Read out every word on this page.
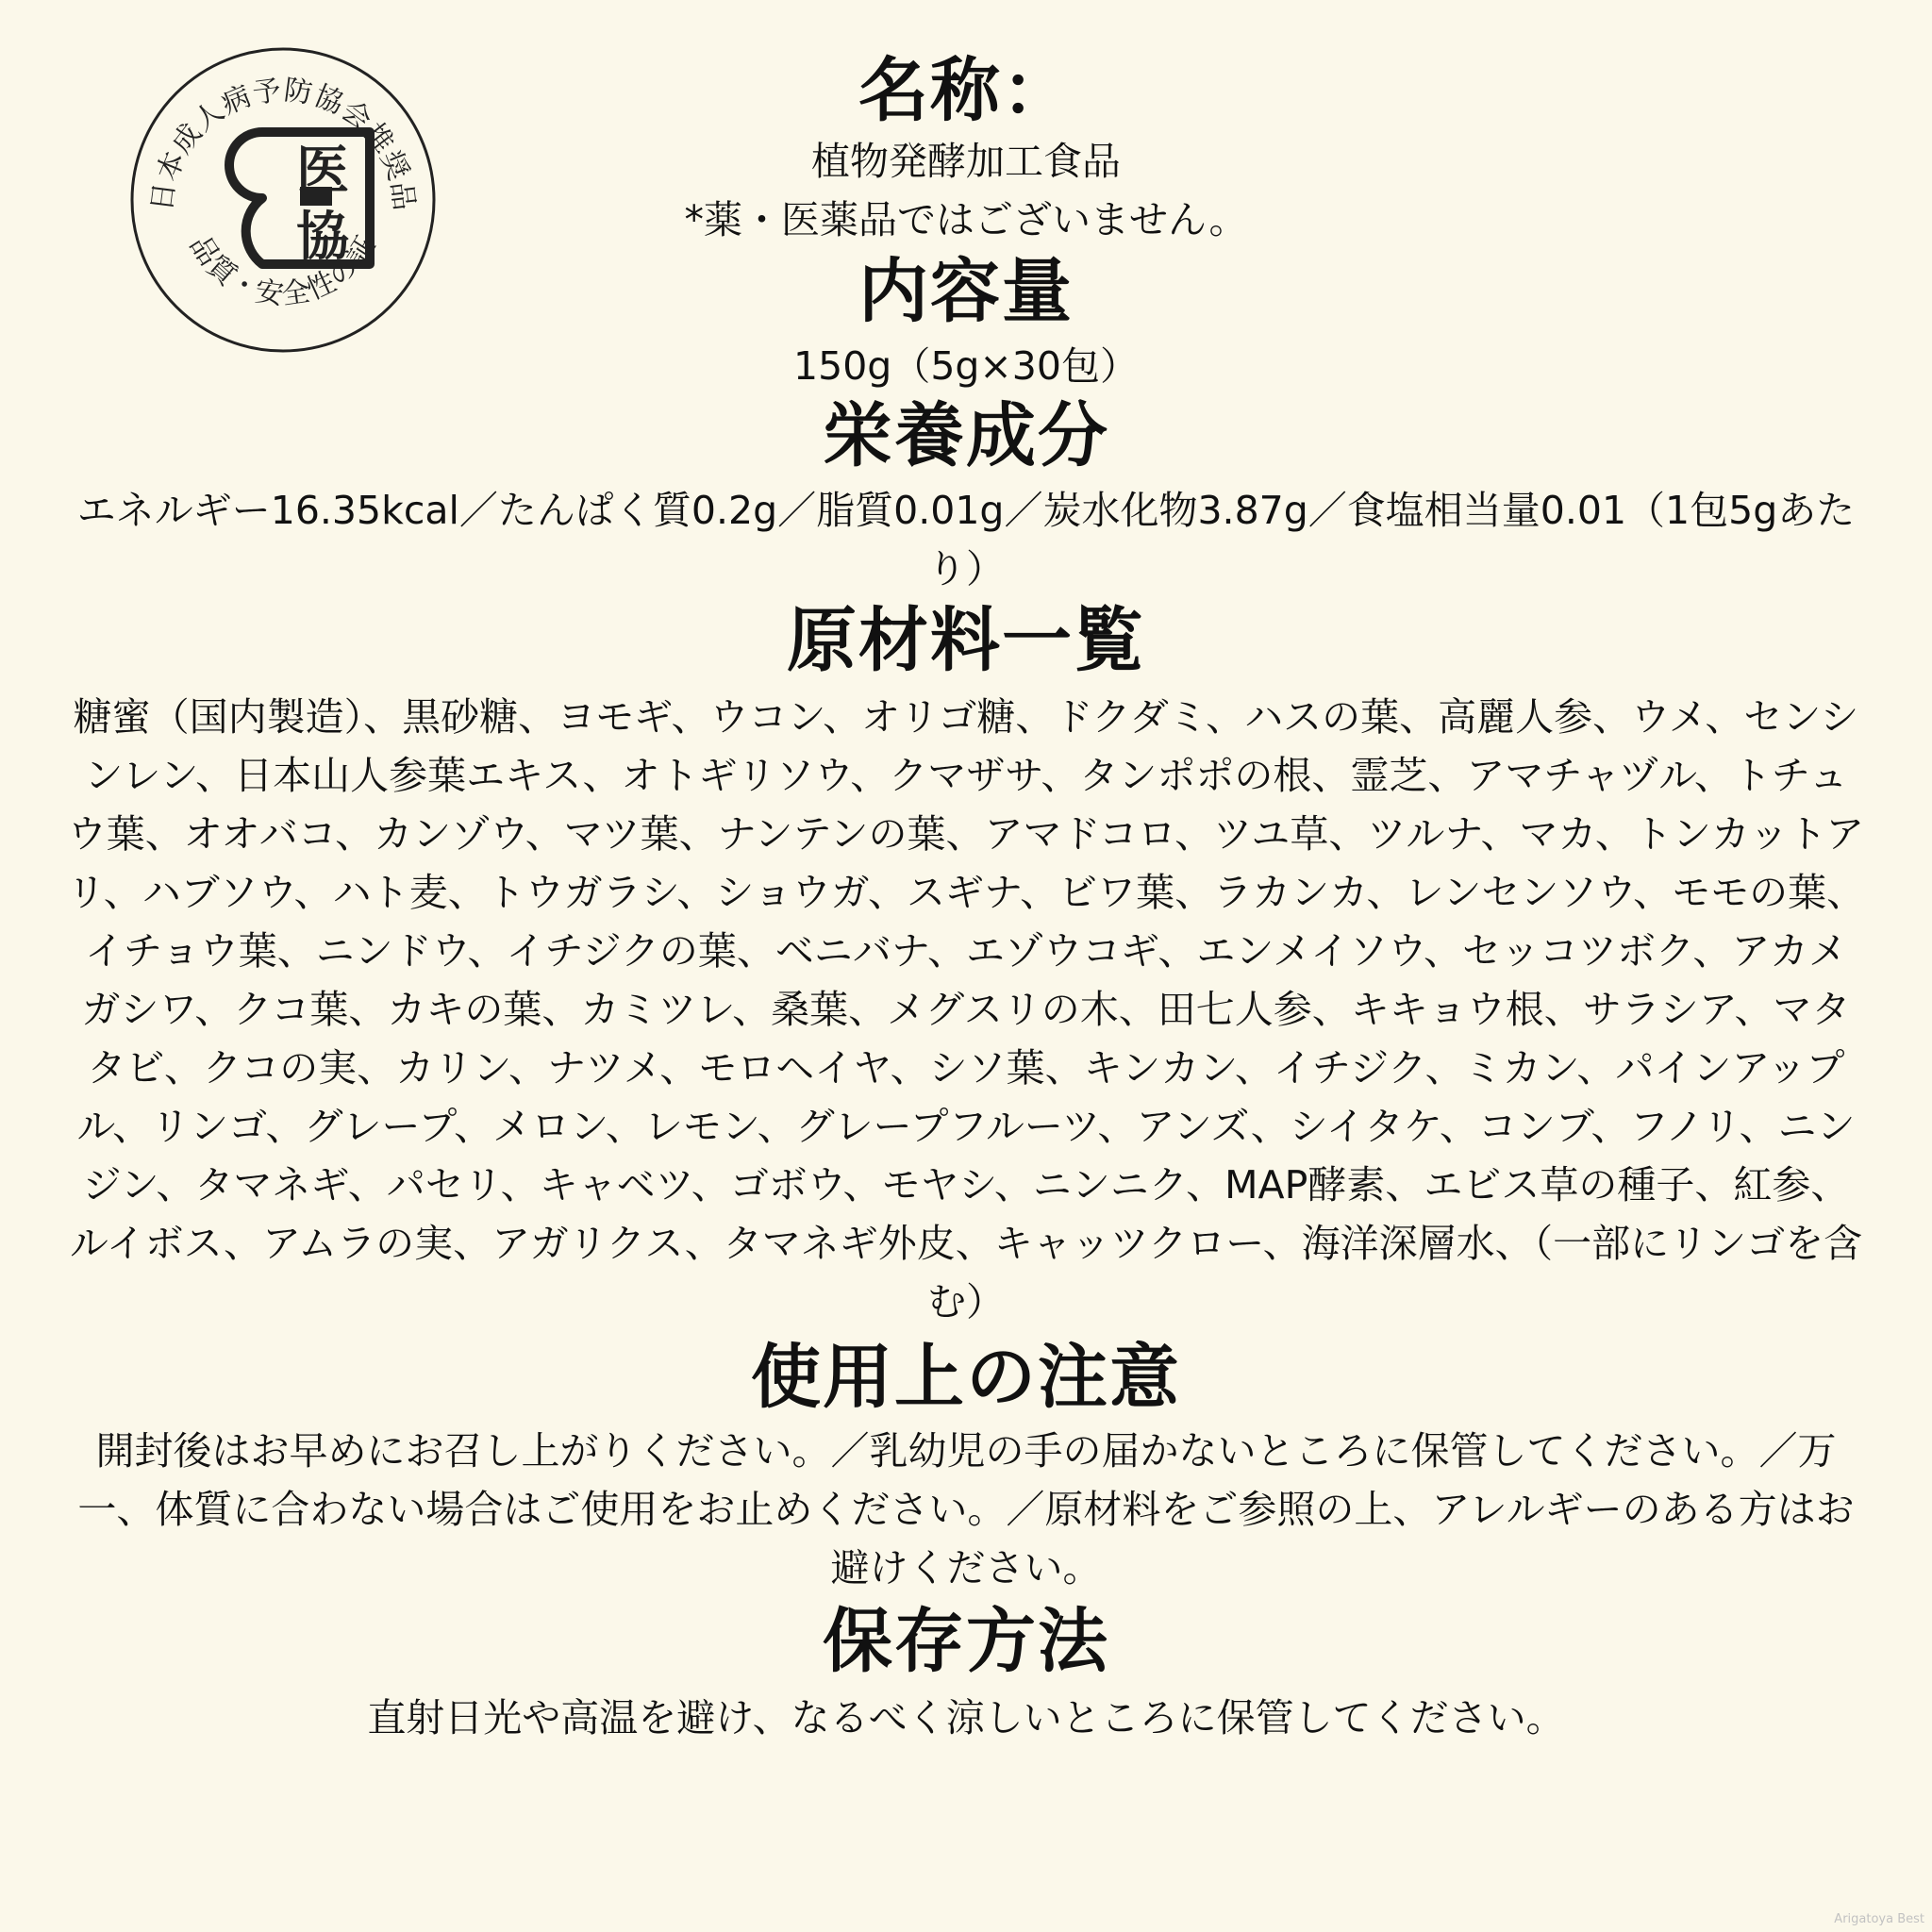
日本成人病予防協会推奨品
品質・安全性の証
医
協
名称：

植物発酵加工食品

*薬・医薬品ではございません。

内容量

150g（5g×30包）

栄養成分

エネルギー16.35kcal／たんぱく質0.2g／脂質0.01g／炭水化物3.87g／食塩相当量0.01（1包5gあたり）

原材料一覧

糖蜜（国内製造）、黒砂糖、ヨモギ、ウコン、オリゴ糖、ドクダミ、ハスの葉、高麗人参、ウメ、センシンレン、日本山人参葉エキス、オトギリソウ、クマザサ、タンポポの根、霊芝、アマチャヅル、トチュウ葉、オオバコ、カンゾウ、マツ葉、ナンテンの葉、アマドコロ、ツユ草、ツルナ、マカ、トンカットアリ、ハブソウ、ハト麦、トウガラシ、ショウガ、スギナ、ビワ葉、ラカンカ、レンセンソウ、モモの葉、イチョウ葉、ニンドウ、イチジクの葉、ベニバナ、エゾウコギ、エンメイソウ、セッコツボク、アカメガシワ、クコ葉、カキの葉、カミツレ、桑葉、メグスリの木、田七人参、キキョウ根、サラシア、マタタビ、クコの実、カリン、ナツメ、モロヘイヤ、シソ葉、キンカン、イチジク、ミカン、パインアップル、リンゴ、グレープ、メロン、レモン、グレープフルーツ、アンズ、シイタケ、コンブ、フノリ、ニンジン、タマネギ、パセリ、キャベツ、ゴボウ、モヤシ、ニンニク、MAP酵素、エビス草の種子、紅参、ルイボス、アムラの実、アガリクス、タマネギ外皮、キャッツクロー、海洋深層水、（一部にリンゴを含む）

使用上の注意

開封後はお早めにお召し上がりください。／乳幼児の手の届かないところに保管してください。／万一、体質に合わない場合はご使用をお止めください。／原材料をご参照の上、アレルギーのある方はお避けください。

保存方法

直射日光や高温を避け、なるべく涼しいところに保管してください。

Arigatoya Best
